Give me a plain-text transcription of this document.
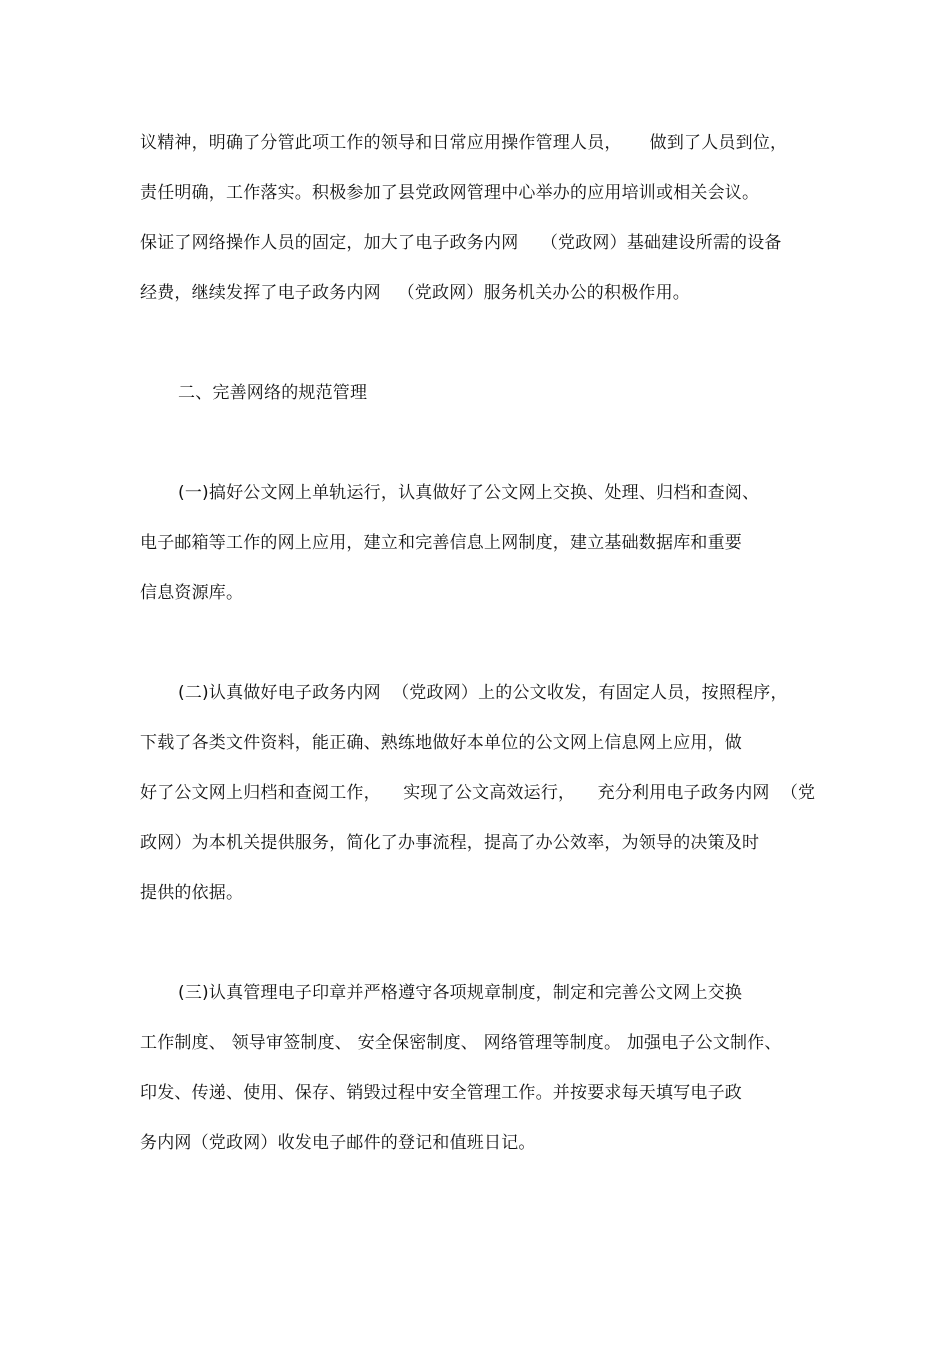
议精神，明确了分管此项工作的领导和日常应用操作管理人员，     做到了人员到位，
责任明确，工作落实。积极参加了县党政网管理中心举办的应用培训或相关会议。
保证了网络操作人员的固定，加大了电子政务内网    （党政网）基础建设所需的设备
经费，继续发挥了电子政务内网   （党政网）服务机关办公的积极作用。
二、完善网络的规范管理
(一)搞好公文网上单轨运行，认真做好了公文网上交换、处理、归档和查阅、
电子邮箱等工作的网上应用，建立和完善信息上网制度，建立基础数据库和重要
信息资源库。
(二)认真做好电子政务内网  （党政网）上的公文收发，有固定人员，按照程序，
下载了各类文件资料，能正确、熟练地做好本单位的公文网上信息网上应用，做
好了公文网上归档和查阅工作，    实现了公文高效运行，    充分利用电子政务内网  （党
政网）为本机关提供服务，简化了办事流程，提高了办公效率，为领导的决策及时
提供的依据。
(三)认真管理电子印章并严格遵守各项规章制度，制定和完善公文网上交换
工作制度、 领导审签制度、 安全保密制度、 网络管理等制度。 加强电子公文制作、
印发、传递、使用、保存、销毁过程中安全管理工作。并按要求每天填写电子政
务内网（党政网）收发电子邮件的登记和值班日记。
